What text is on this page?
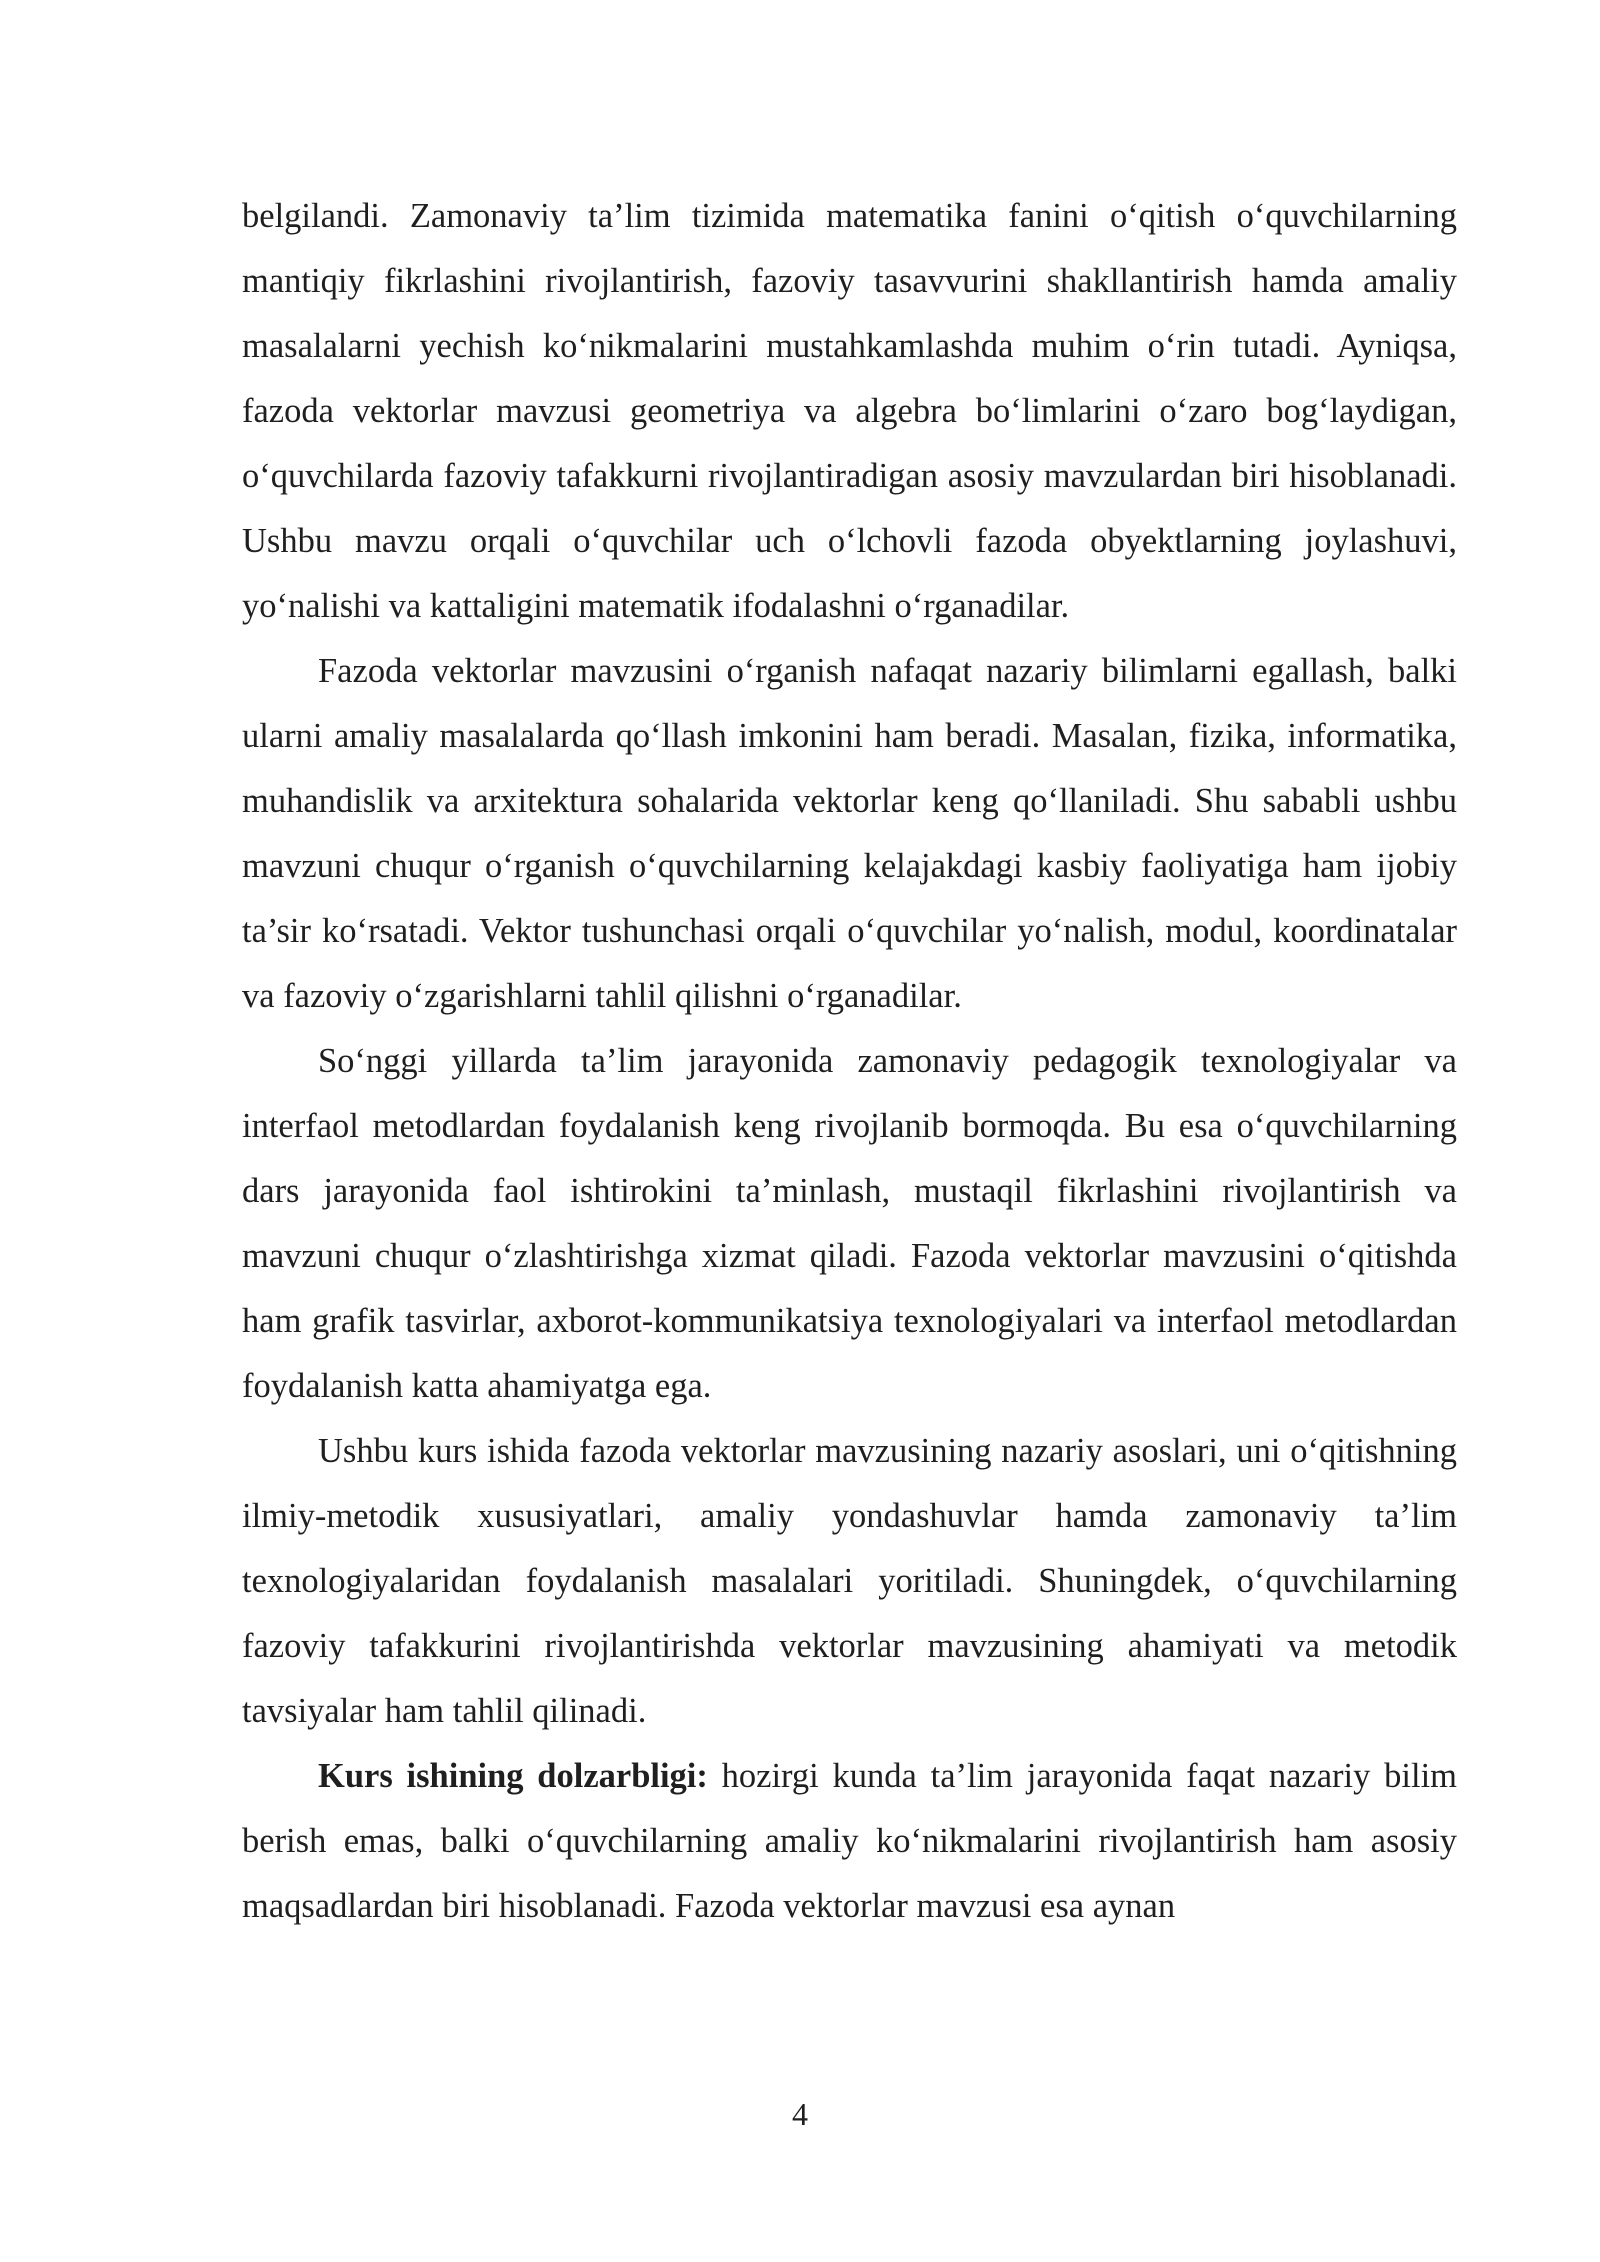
belgilandi. Zamonaviy ta’lim tizimida matematika fanini o‘qitish o‘quvchilarning mantiqiy fikrlashini rivojlantirish, fazoviy tasavvurini shakllantirish hamda amaliy masalalarni yechish ko‘nikmalarini mustahkamlashda muhim o‘rin tutadi. Ayniqsa, fazoda vektorlar mavzusi geometriya va algebra bo‘limlarini o‘zaro bog‘laydigan, o‘quvchilarda fazoviy tafakkurni rivojlantiradigan asosiy mavzulardan biri hisoblanadi. Ushbu mavzu orqali o‘quvchilar uch o‘lchovli fazoda obyektlarning joylashuvi, yo‘nalishi va kattaligini matematik ifodalashni o‘rganadilar.

Fazoda vektorlar mavzusini o‘rganish nafaqat nazariy bilimlarni egallash, balki ularni amaliy masalalarda qo‘llash imkonini ham beradi. Masalan, fizika, informatika, muhandislik va arxitektura sohalarida vektorlar keng qo‘llaniladi. Shu sababli ushbu mavzuni chuqur o‘rganish o‘quvchilarning kelajakdagi kasbiy faoliyatiga ham ijobiy ta’sir ko‘rsatadi. Vektor tushunchasi orqali o‘quvchilar yo‘nalish, modul, koordinatalar va fazoviy o‘zgarishlarni tahlil qilishni o‘rganadilar.

So‘nggi yillarda ta’lim jarayonida zamonaviy pedagogik texnologiyalar va interfaol metodlardan foydalanish keng rivojlanib bormoqda. Bu esa o‘quvchilarning dars jarayonida faol ishtirokini ta’minlash, mustaqil fikrlashini rivojlantirish va mavzuni chuqur o‘zlashtirishga xizmat qiladi. Fazoda vektorlar mavzusini o‘qitishda ham grafik tasvirlar, axborot-kommunikatsiya texnologiyalari va interfaol metodlardan foydalanish katta ahamiyatga ega.

Ushbu kurs ishida fazoda vektorlar mavzusining nazariy asoslari, uni o‘qitishning ilmiy-metodik xususiyatlari, amaliy yondashuvlar hamda zamonaviy ta’lim texnologiyalaridan foydalanish masalalari yoritiladi. Shuningdek, o‘quvchilarning fazoviy tafakkurini rivojlantirishda vektorlar mavzusining ahamiyati va metodik tavsiyalar ham tahlil qilinadi.

Kurs ishining dolzarbligi: hozirgi kunda ta’lim jarayonida faqat nazariy bilim berish emas, balki o‘quvchilarning amaliy ko‘nikmalarini rivojlantirish ham asosiy maqsadlardan biri hisoblanadi. Fazoda vektorlar mavzusi esa aynan

4
